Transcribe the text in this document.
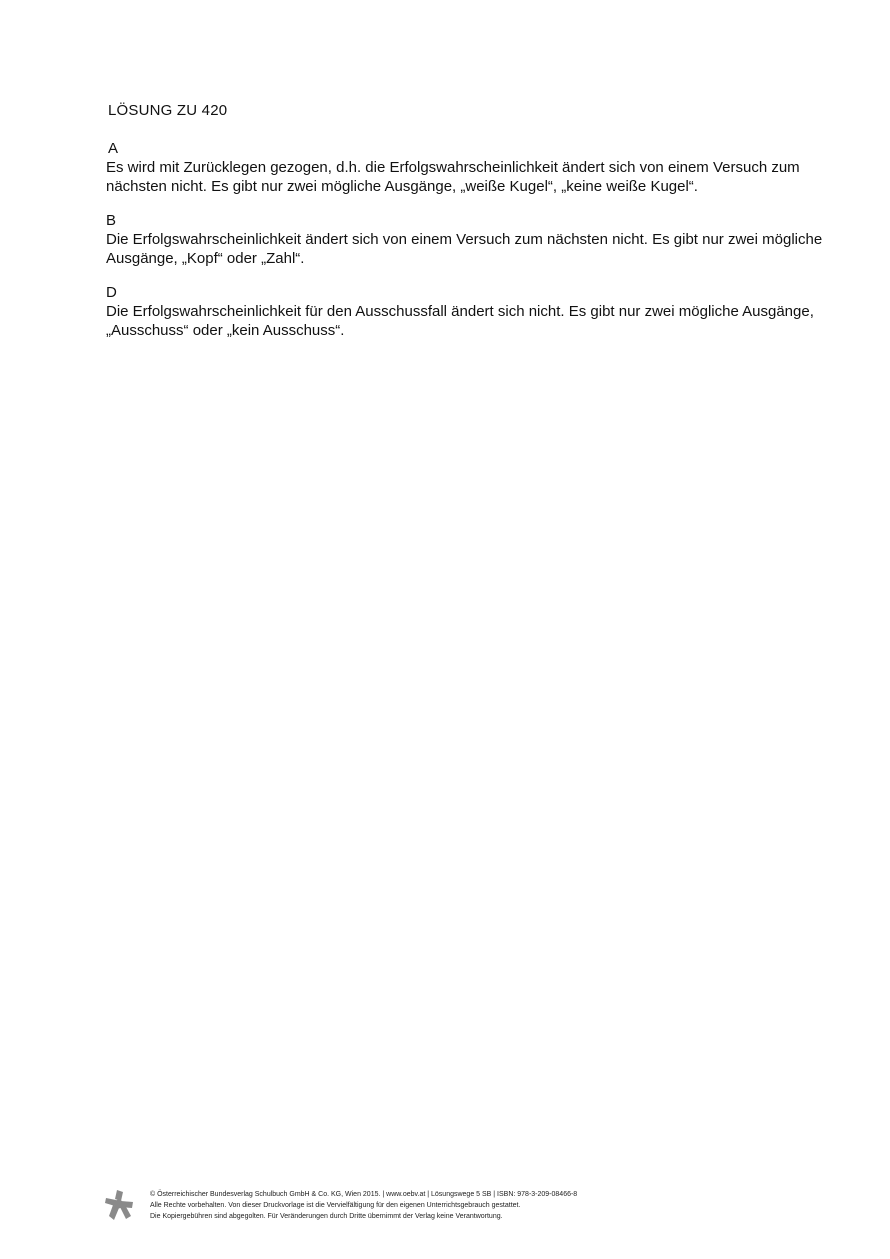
LÖSUNG ZU 420
A
Es wird mit Zurücklegen gezogen, d.h. die Erfolgswahrscheinlichkeit ändert sich von einem Versuch zum nächsten nicht. Es gibt nur zwei mögliche Ausgänge, „weiße Kugel“, „keine weiße Kugel“.
B
Die Erfolgswahrscheinlichkeit ändert sich von einem Versuch zum nächsten nicht. Es gibt nur zwei mögliche Ausgänge, „Kopf“ oder „Zahl“.
D
Die Erfolgswahrscheinlichkeit für den Ausschussfall ändert sich nicht. Es gibt nur zwei mögliche Ausgänge, „Ausschuss“ oder „kein Ausschuss“.
© Österreichischer Bundesverlag Schulbuch GmbH & Co. KG, Wien 2015. | www.oebv.at | Lösungswege 5 SB | ISBN: 978-3-209-08466-8
Alle Rechte vorbehalten. Von dieser Druckvorlage ist die Vervielfältigung für den eigenen Unterrichtsgebrauch gestattet.
Die Kopiergebühren sind abgegolten. Für Veränderungen durch Dritte übernimmt der Verlag keine Verantwortung.
